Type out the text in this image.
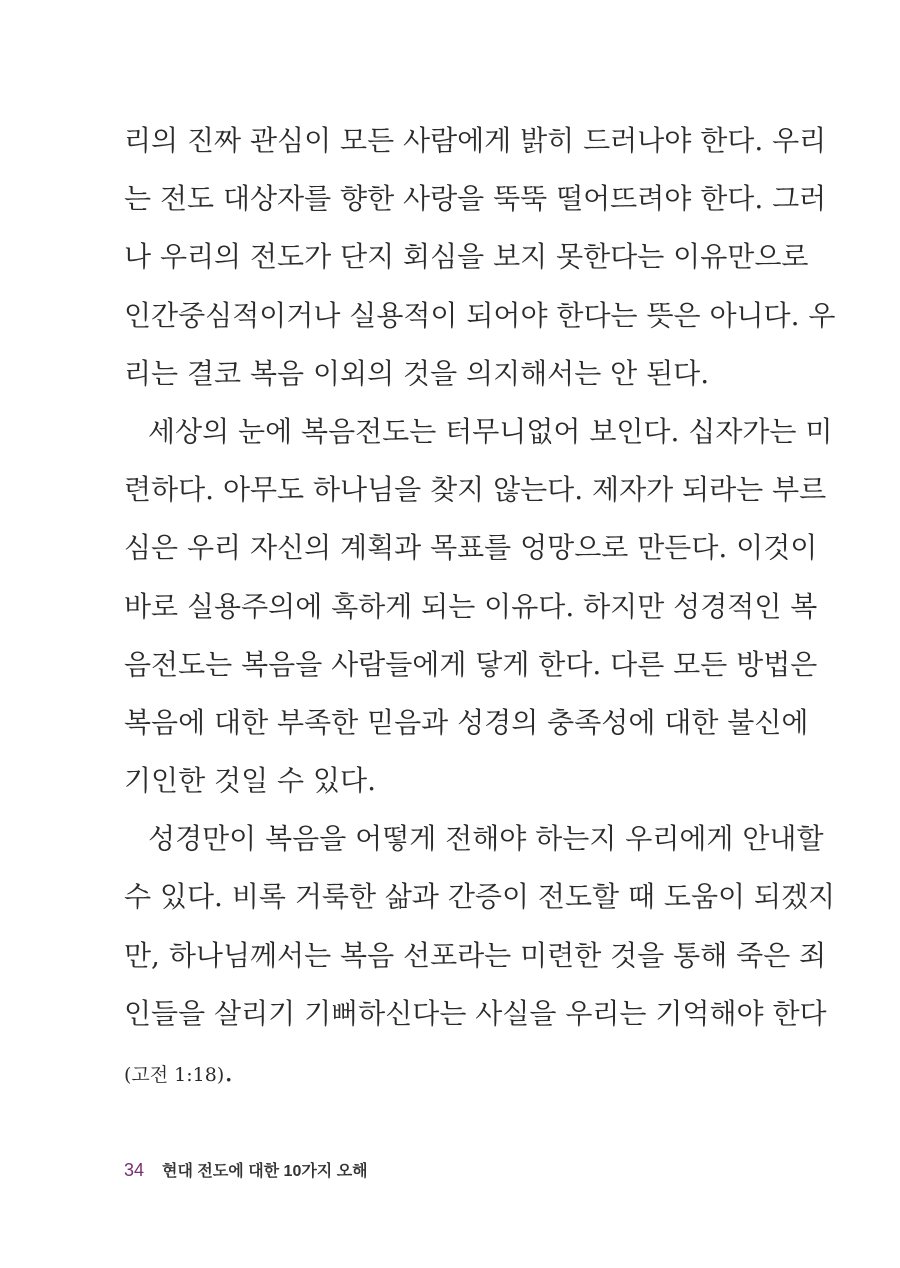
리의 진짜 관심이 모든 사람에게 밝히 드러나야 한다. 우리
는 전도 대상자를 향한 사랑을 뚝뚝 떨어뜨려야 한다. 그러
나 우리의 전도가 단지 회심을 보지 못한다는 이유만으로
인간중심적이거나 실용적이 되어야 한다는 뜻은 아니다. 우
리는 결코 복음 이외의 것을 의지해서는 안 된다.
세상의 눈에 복음전도는 터무니없어 보인다. 십자가는 미
련하다. 아무도 하나님을 찾지 않는다. 제자가 되라는 부르
심은 우리 자신의 계획과 목표를 엉망으로 만든다. 이것이
바로 실용주의에 혹하게 되는 이유다. 하지만 성경적인 복
음전도는 복음을 사람들에게 닿게 한다. 다른 모든 방법은
복음에 대한 부족한 믿음과 성경의 충족성에 대한 불신에
기인한 것일 수 있다.
성경만이 복음을 어떻게 전해야 하는지 우리에게 안내할
수 있다. 비록 거룩한 삶과 간증이 전도할 때 도움이 되겠지
만, 하나님께서는 복음 선포라는 미련한 것을 통해 죽은 죄
인들을 살리기 기뻐하신다는 사실을 우리는 기억해야 한다
(고전 1:18).
34 현대 전도에 대한 10가지 오해
